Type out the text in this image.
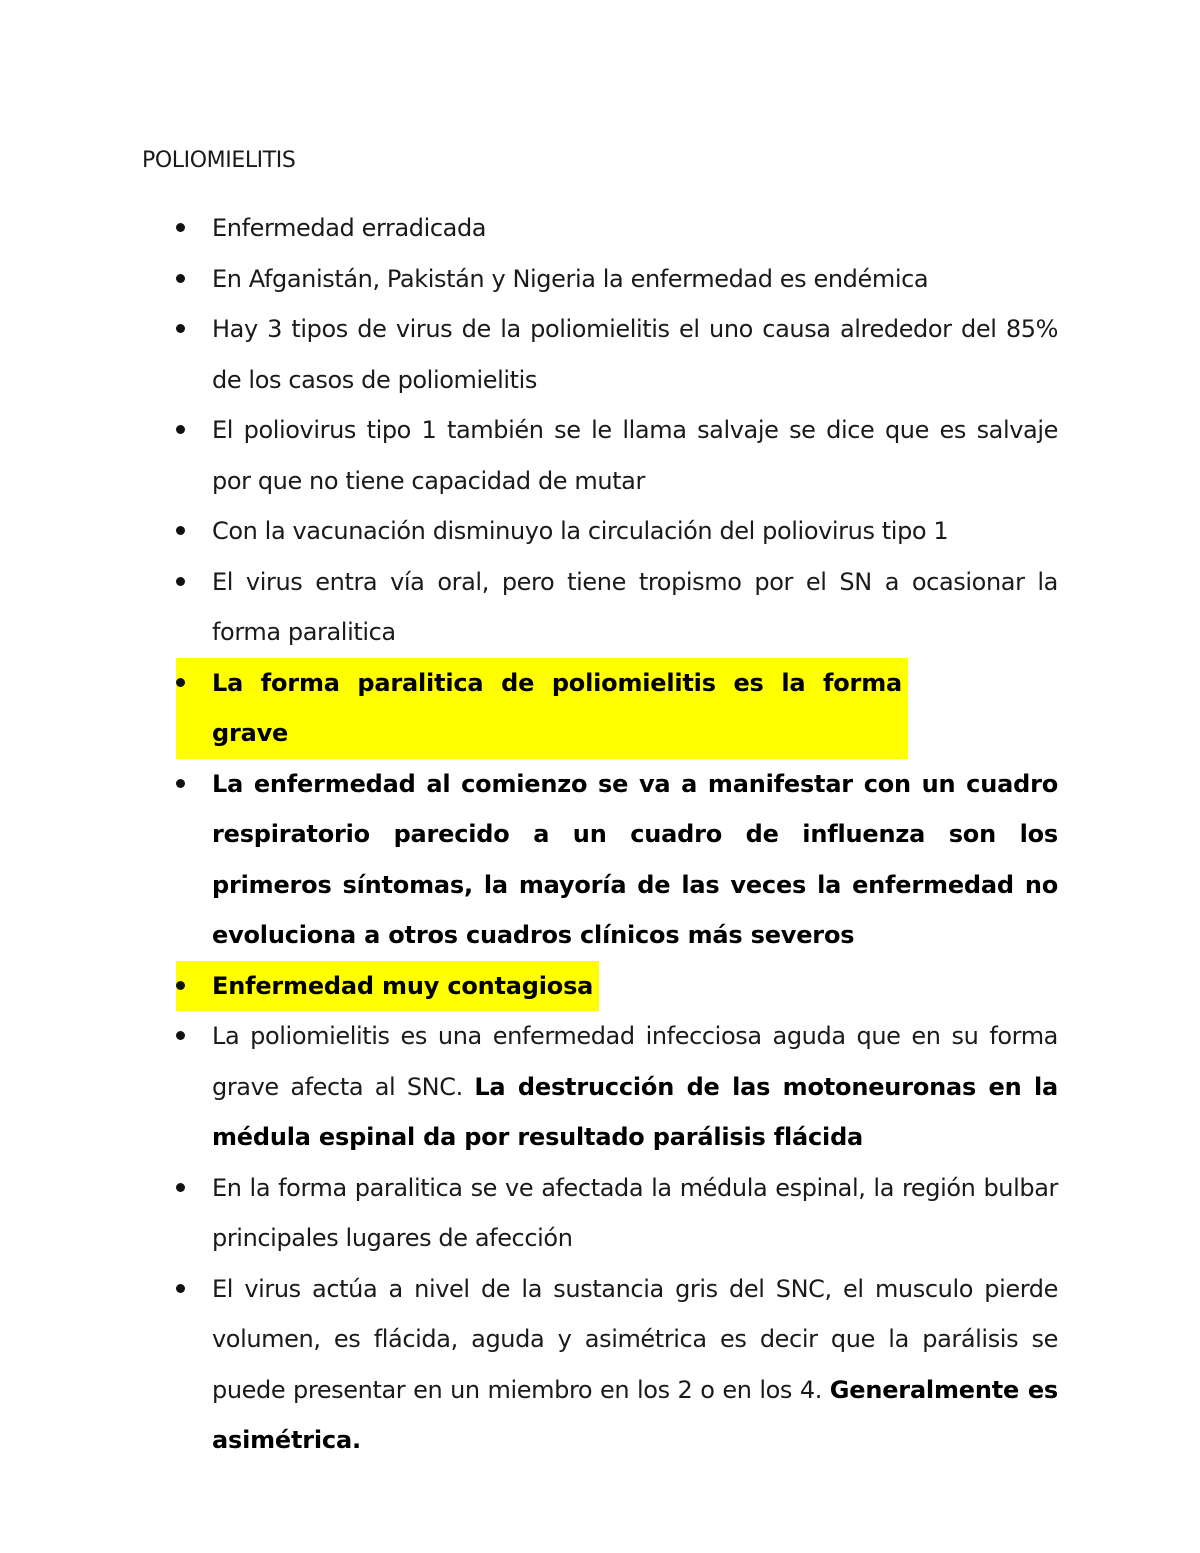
POLIOMIELITIS
Enfermedad erradicada
En Afganistán, Pakistán y Nigeria la enfermedad es endémica
Hay 3 tipos de virus de la poliomielitis el uno causa alrededor del 85% de los casos de poliomielitis
El poliovirus tipo 1 también se le llama salvaje se dice que es salvaje por que no tiene capacidad de mutar
Con la vacunación disminuyo la circulación del poliovirus tipo 1
El virus entra vía oral, pero tiene tropismo por el SN a ocasionar la forma paralitica
La forma paralitica de poliomielitis es la forma grave
La enfermedad al comienzo se va a manifestar con un cuadro respiratorio parecido a un cuadro de influenza son los primeros síntomas, la mayoría de las veces la enfermedad no evoluciona a otros cuadros clínicos más severos
Enfermedad muy contagiosa
La poliomielitis es una enfermedad infecciosa aguda que en su forma grave afecta al SNC. La destrucción de las motoneuronas en la médula espinal da por resultado parálisis flácida
En la forma paralitica se ve afectada la médula espinal, la región bulbar principales lugares de afección
El virus actúa a nivel de la sustancia gris del SNC, el musculo pierde volumen, es flácida, aguda y asimétrica es decir que la parálisis se puede presentar en un miembro en los 2 o en los 4. Generalmente es asimétrica.
